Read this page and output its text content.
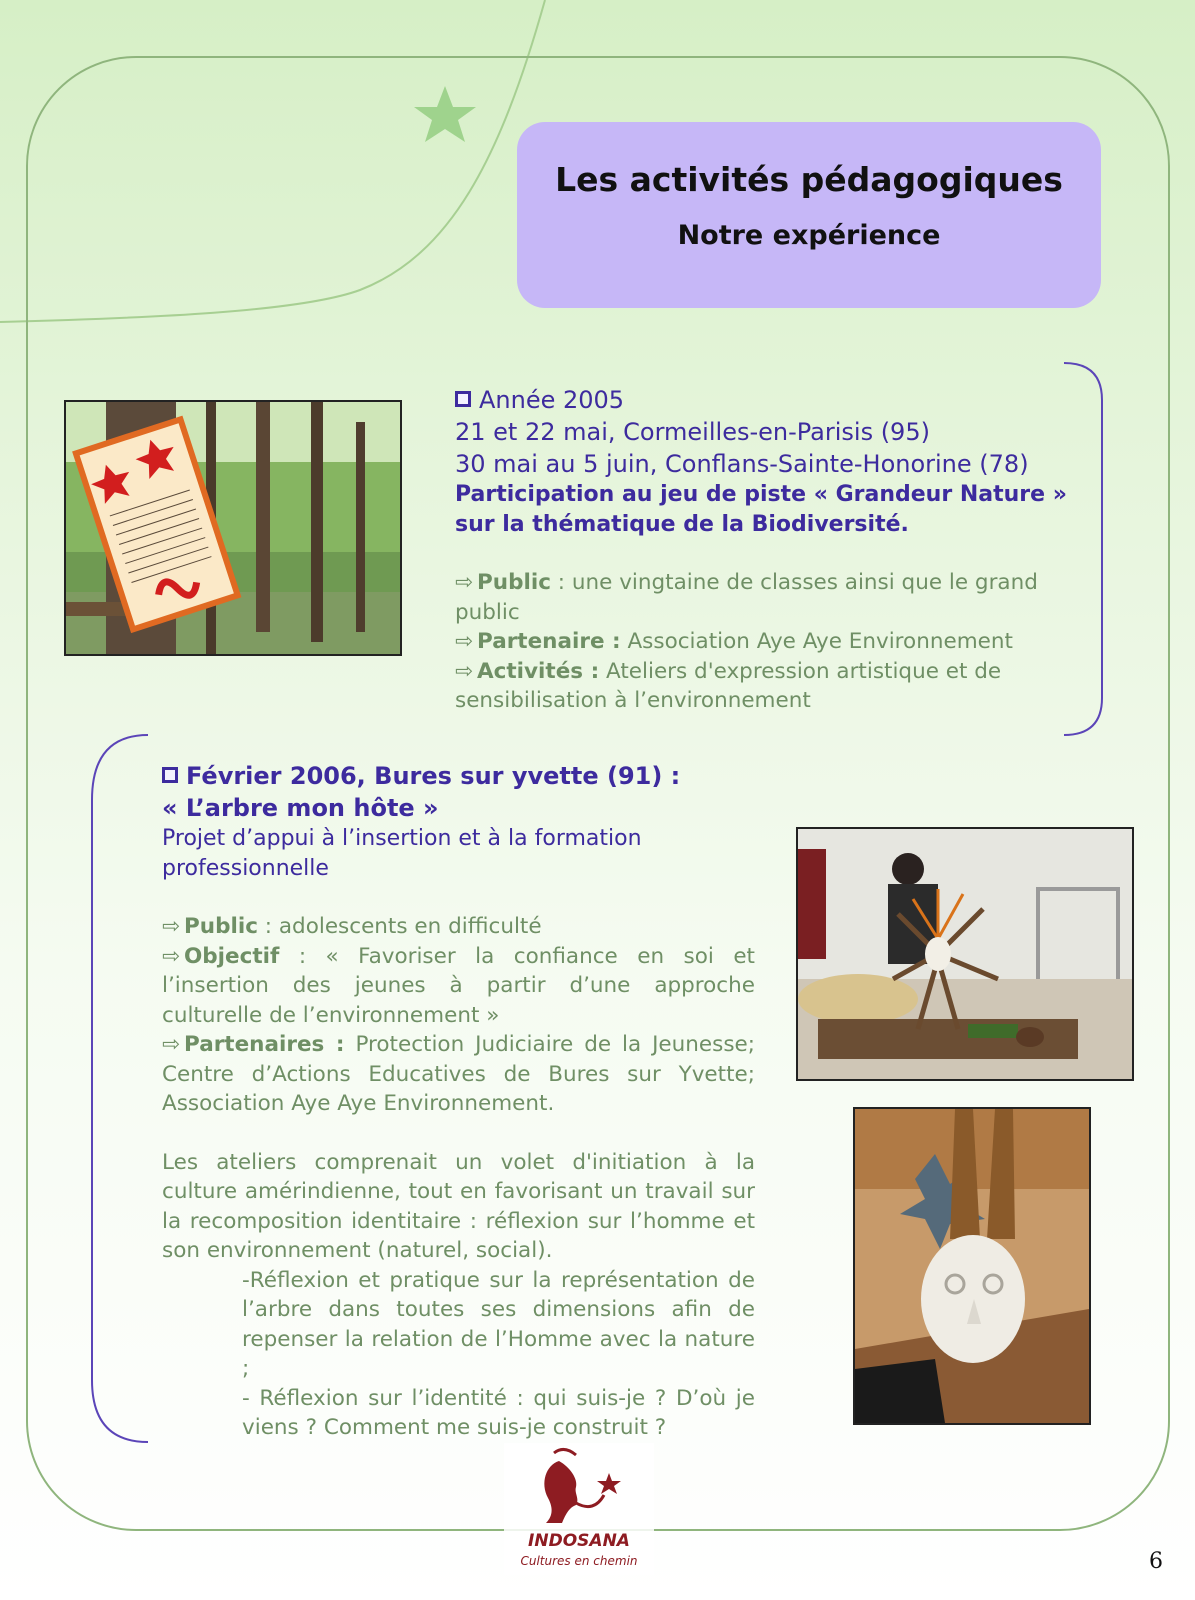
Les activités pédagogiques
Notre expérience
Année 2005
21 et 22 mai, Cormeilles-en-Parisis (95)
30 mai au 5 juin, Conflans-Sainte-Honorine (78)
Participation au jeu de piste « Grandeur Nature » sur la thématique de la Biodiversité.
⇨ Public : une vingtaine de classes ainsi que le grand public
⇨ Partenaire : Association Aye Aye Environnement
⇨ Activités : Ateliers d'expression artistique et de sensibilisation à l’environnement
Février 2006, Bures sur yvette (91) :
« L’arbre mon hôte »
Projet d’appui à l’insertion et à la formation professionnelle
⇨ Public : adolescents en difficulté
⇨ Objectif : « Favoriser la confiance en soi et l’insertion des jeunes à partir d’une approche culturelle de l’environnement »
⇨ Partenaires : Protection Judiciaire de la Jeunesse; Centre d’Actions Educatives de Bures sur Yvette; Association Aye Aye Environnement.
Les ateliers comprenait un volet d'initiation à la culture amérindienne, tout en favorisant un travail sur la recomposition identitaire : réflexion sur l’homme et son environnement (naturel, social).
-Réflexion et pratique sur la représentation de l’arbre dans toutes ses dimensions afin de repenser la relation de l’Homme avec la nature ;
- Réflexion sur l’identité : qui suis-je ? D’où je viens ? Comment me suis-je construit ?
INDOSANA
Cultures en chemin	6
